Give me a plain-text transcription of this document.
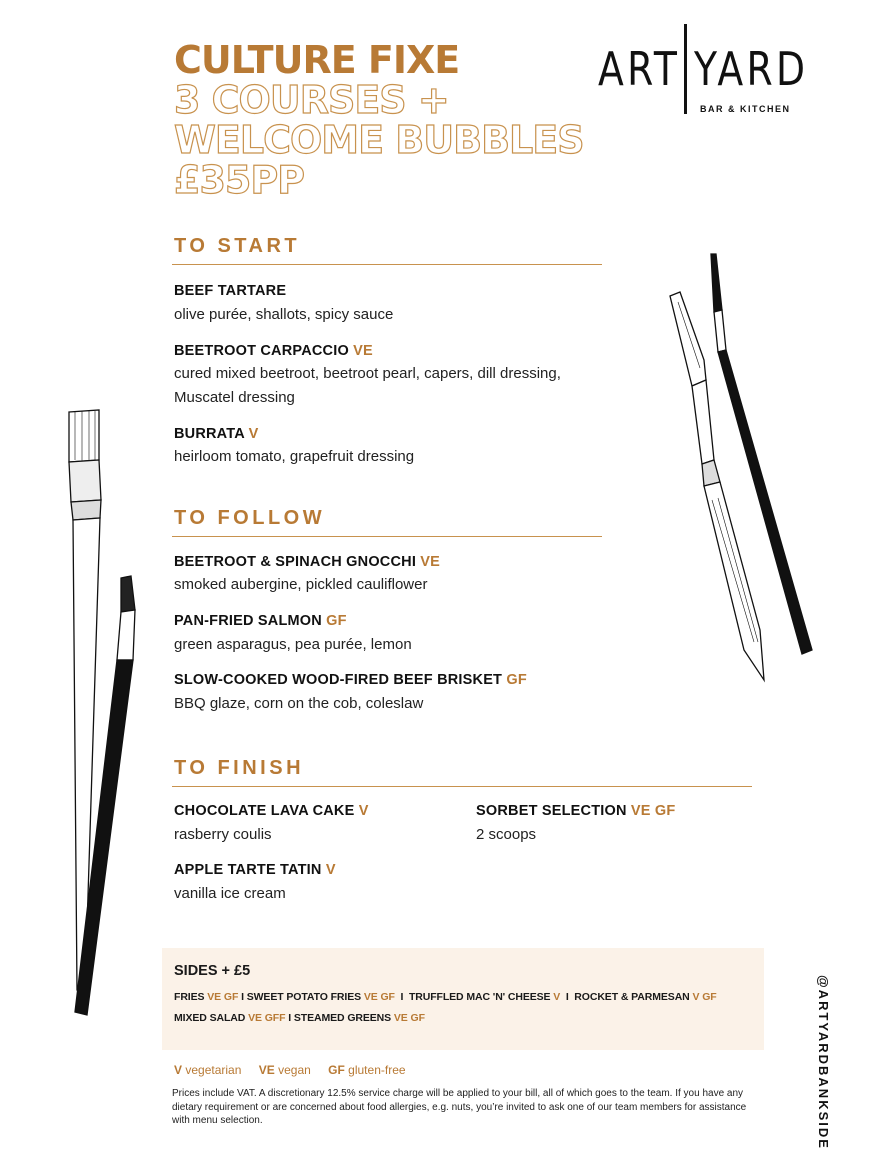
CULTURE FIXE
3 COURSES +
WELCOME BUBBLES
£35PP
ART YARD
BAR & KITCHEN
TO START
BEEF TARTARE
olive purée, shallots, spicy sauce
BEETROOT CARPACCIO VE
cured mixed beetroot, beetroot pearl, capers, dill dressing,
Muscatel dressing
BURRATA V
heirloom tomato, grapefruit dressing
TO FOLLOW
BEETROOT & SPINACH GNOCCHI VE
smoked aubergine, pickled cauliflower
PAN-FRIED SALMON GF
green asparagus, pea purée, lemon
SLOW-COOKED WOOD-FIRED BEEF BRISKET GF
BBQ glaze, corn on the cob, coleslaw
TO FINISH
CHOCOLATE LAVA CAKE V
rasberry coulis
APPLE TARTE TATIN V
vanilla ice cream
SORBET SELECTION VE GF
2 scoops
SIDES + £5
FRIES VE GF I SWEET POTATO FRIES VE GF  I  TRUFFLED MAC 'N' CHEESE V  I  ROCKET & PARMESAN V GF
MIXED SALAD VE GFF I STEAMED GREENS VE GF
V vegetarian VE vegan GF gluten-free
Prices include VAT. A discretionary 12.5% service charge will be applied to your bill, all of which goes to the team. If you have any dietary requirement or are concerned about food allergies, e.g. nuts, you’re invited to ask one of our team members for assistance with menu selection.	@ARTYARDBANKSIDE
